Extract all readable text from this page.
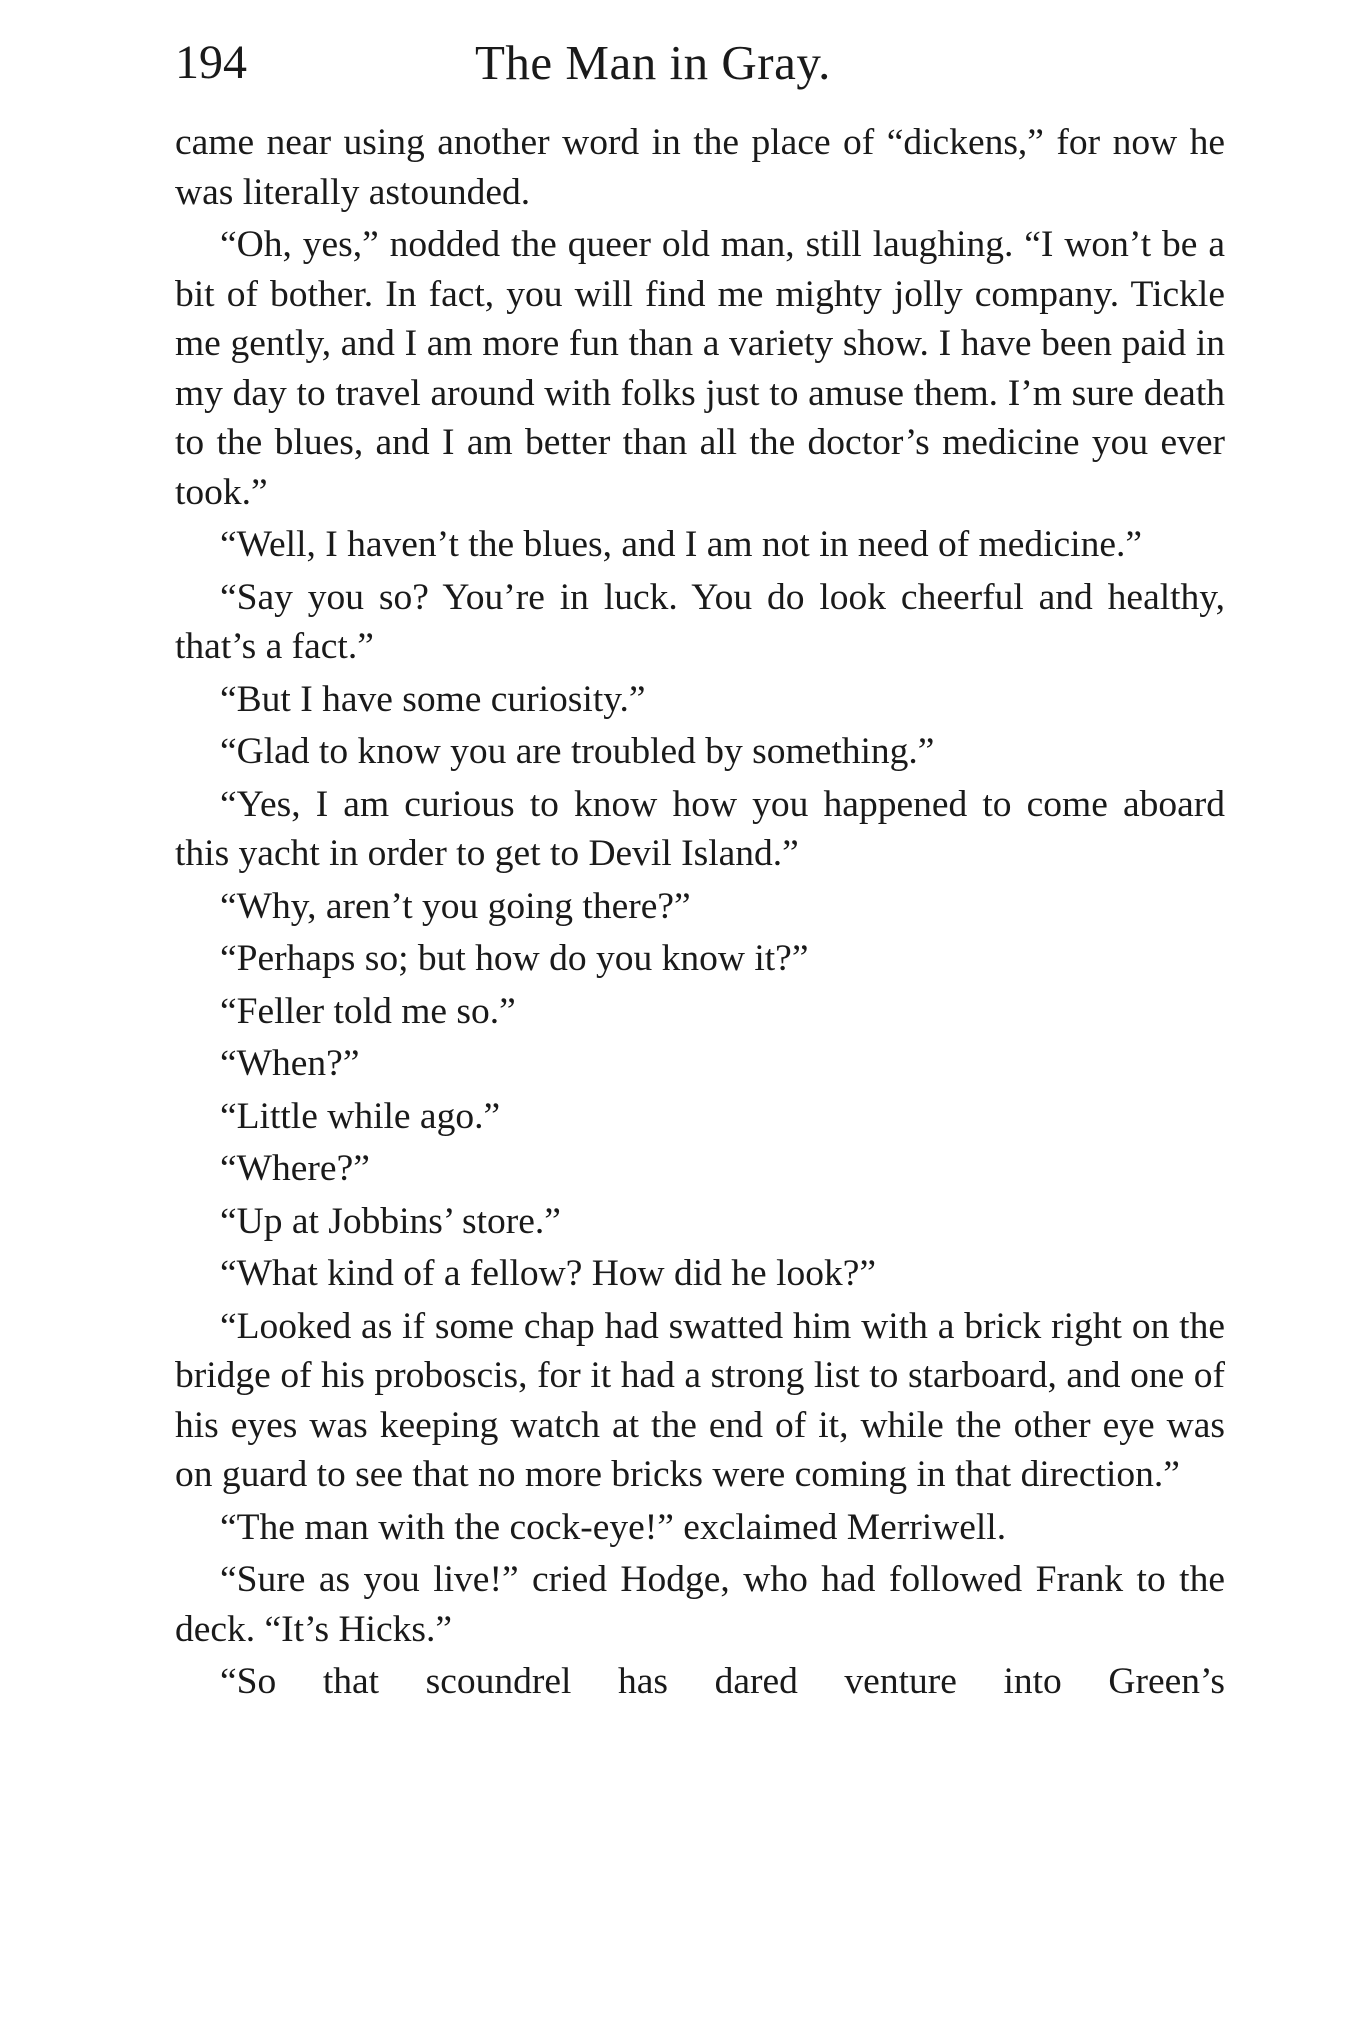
194	The Man in Gray.

came near using another word in the place of “dickens,” for now he was literally astounded.

“Oh, yes,” nodded the queer old man, still laughing. “I won’t be a bit of bother. In fact, you will find me mighty jolly company. Tickle me gently, and I am more fun than a variety show. I have been paid in my day to travel around with folks just to amuse them. I’m sure death to the blues, and I am better than all the doctor’s medicine you ever took.”

“Well, I haven’t the blues, and I am not in need of medicine.”

“Say you so? You’re in luck. You do look cheerful and healthy, that’s a fact.”

“But I have some curiosity.”

“Glad to know you are troubled by something.”

“Yes, I am curious to know how you happened to come aboard this yacht in order to get to Devil Island.”

“Why, aren’t you going there?”

“Perhaps so; but how do you know it?”

“Feller told me so.”

“When?”

“Little while ago.”

“Where?”

“Up at Jobbins’ store.”

“What kind of a fellow? How did he look?”

“Looked as if some chap had swatted him with a brick right on the bridge of his proboscis, for it had a strong list to starboard, and one of his eyes was keeping watch at the end of it, while the other eye was on guard to see that no more bricks were coming in that direction.”

“The man with the cock-eye!” exclaimed Merriwell.

“Sure as you live!” cried Hodge, who had followed Frank to the deck. “It’s Hicks.”

“So that scoundrel has dared venture into Green’s
